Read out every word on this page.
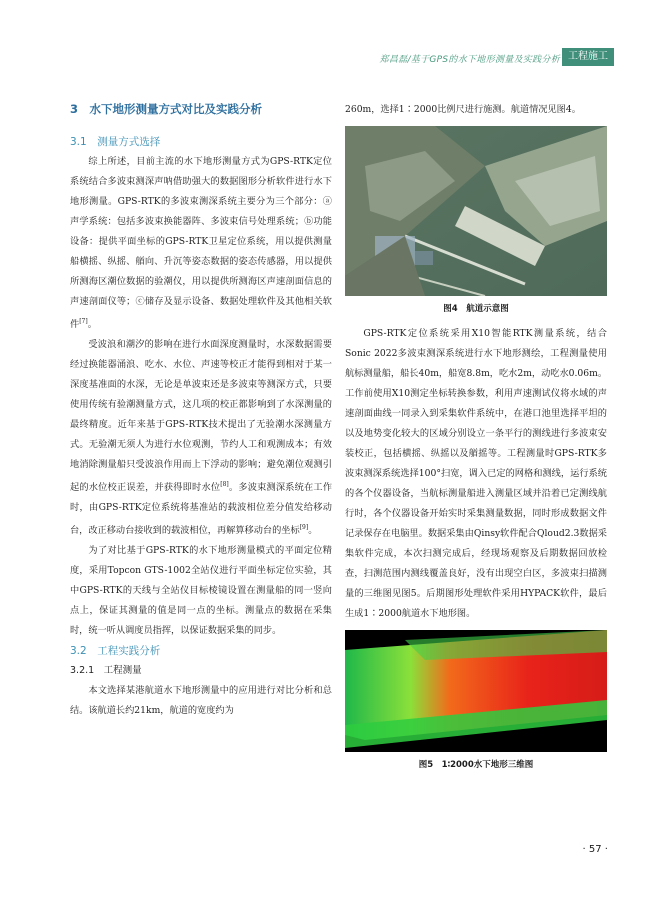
郑昌磊/基于GPS的水下地形测量及实践分析 工程施工
3　水下地形测量方式对比及实践分析
3.1　测量方式选择

综上所述，目前主流的水下地形测量方式为GPS-RTK定位系统结合多波束测深声呐借助强大的数据图形分析软件进行水下地形测量。GPS-RTK的多波束测深系统主要分为三个部分：ⓐ声学系统：包括多波束换能器阵、多波束信号处理系统；ⓑ功能设备：提供平面坐标的GPS-RTK卫星定位系统，用以提供测量船横摇、纵摇、艏向、升沉等姿态数据的姿态传感器，用以提供所测海区潮位数据的验潮仪，用以提供所测海区声速剖面信息的声速剖面仪等；ⓒ储存及显示设备、数据处理软件及其他相关软件[7]。

受波浪和潮汐的影响在进行水面深度测量时，水深数据需要经过换能器涌浪、吃水、水位、声速等校正才能得到相对于某一深度基准面的水深，无论是单波束还是多波束等测深方式，只要使用传统有验潮测量方式，这几项的校正都影响到了水深测量的最终精度。近年来基于GPS-RTK技术提出了无验潮水深测量方式。无验潮无须人为进行水位观测，节约人工和观测成本；有效地消除测量船只受波浪作用而上下浮动的影响；避免潮位观测引起的水位校正误差，并获得即时水位[8]。多波束测深系统在工作时，由GPS-RTK定位系统将基准站的载波相位差分值发给移动台，改正移动台接收到的载波相位，再解算移动台的坐标[9]。

为了对比基于GPS-RTK的水下地形测量模式的平面定位精度，采用Topcon GTS-1002全站仪进行平面坐标定位实验，其中GPS-RTK的天线与全站仪目标棱镜设置在测量船的同一竖向点上，保证其测量的值是同一点的坐标。测量点的数据在采集时，统一听从调度员指挥，以保证数据采集的同步。

3.2　工程实践分析
3.2.1　工程测量

本文选择某港航道水下地形测量中的应用进行对比分析和总结。该航道长约21km，航道的宽度约为

260m，选择1∶2000比例尺进行施测。航道情况见图4。

图4　航道示意图

GPS-RTK定位系统采用X10智能RTK测量系统，结合Sonic 2022多波束测深系统进行水下地形测绘，工程测量使用航标测量船，船长40m，船宽8.8m，吃水2m，动吃水0.06m。工作前使用X10测定坐标转换参数，利用声速测试仪将水域的声速剖面曲线一同录入到采集软件系统中，在港口池里选择平坦的以及地势变化较大的区域分别设立一条平行的测线进行多波束安装校正，包括横摇、纵摇以及艏摇等。工程测量时GPS-RTK多波束测深系统选择100°扫宽，调入已定的网格和测线，运行系统的各个仪器设备，当航标测量船进入测量区域并沿着已定测线航行时，各个仪器设备开始实时采集测量数据，同时形成数据文件记录保存在电脑里。数据采集由Qinsy软件配合Qloud2.3数据采集软件完成，本次扫测完成后，经现场观察及后期数据回放检查，扫测范围内测线覆盖良好，没有出现空白区，多波束扫描测量的三维图见图5。后期图形处理软件采用HYPACK软件，最后生成1∶2000航道水下地形图。

图5　1∶2000水下地形三维图
· 57 ·
